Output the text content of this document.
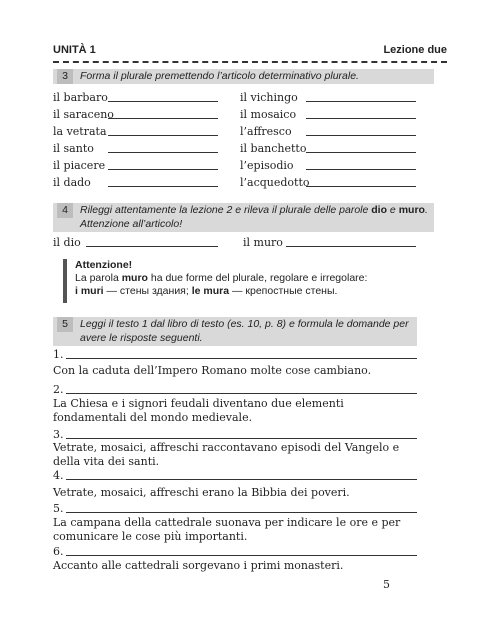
UNITÀ 1	Lezione due
3	Forma il plurale premettendo l’articolo determinativo plurale.
il barbaro	il vichingo
il saraceno	il mosaico
la vetrata	l’affresco
il santo	il banchetto
il piacere	l’episodio
il dado	l’acquedotto
4	Rileggi attentamente la lezione 2 e rileva il plurale delle parole dio e muro. Attenzione all’articolo!
il dio	il muro
Attenzione!
La parola muro ha due forme del plurale, regolare e irregolare:
i muri — стены здания; le mura — крепостные стены.
5	Leggi il testo 1 dal libro di testo (es. 10, p. 8) e formula le domande per avere le risposte seguenti.
1.
Con la caduta dell’Impero Romano molte cose cambiano.
2.
La Chiesa e i signori feudali diventano due elementi fondamentali del mondo medievale.
3.
Vetrate, mosaici, affreschi raccontavano episodi del Vangelo e della vita dei santi.
4.
Vetrate, mosaici, affreschi erano la Bibbia dei poveri.
5.
La campana della cattedrale suonava per indicare le ore e per comunicare le cose più importanti.
6.
Accanto alle cattedrali sorgevano i primi monasteri.
5
